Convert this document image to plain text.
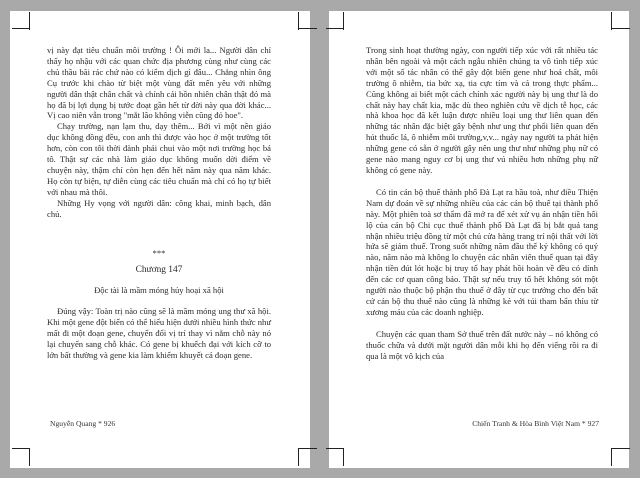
vị này đạt tiêu chuẩn môi trường ! Ôi mới la... Người dân chỉ thấy họ nhậu với các quan chức địa phương cùng như cùng các chủ thầu bãi rác chứ nào có kiểm dịch gì đâu... Chẳng nhìn ông Cụ trước khi chào từ biệt một vùng đất mến yêu với những người dân thật chân chất và chính cái hồn nhiên chân thật đó mà họ đã bị lợi dụng bị tước đoạt gần hết từ đời này qua đời khác... Vị cao niên vẫn trong "mắt lão không viễn cũng đỏ hoe".

Chạy trường, nạn lạm thu, dạy thêm... Bởi vì một nền giáo dục không đồng đều, con anh thì được vào học ở một trường tốt hơn, còn con tôi thời đành phải chui vào một nơi trường học bá tô. Thật sự các nhà làm giáo dục không muốn dời điểm về chuyện này, thậm chí còn hẹn đến hết năm này qua năm khác. Họ còn tự biện, tự diễn cùng các tiêu chuẩn mà chỉ có họ tự biết với nhau mà thôi.

Những Hy vọng với người dân: công khai, minh bạch, dân chủ.

***

Chương 147

Độc tài là mầm móng hủy hoại xã hội

Đúng vậy: Toàn trị nào cũng sẽ là mầm móng ung thư xã hội. Khi một gene đột biến có thể hiểu hiện dưới nhiều hình thức như mất đi một đoạn gene, chuyển đổi vị trí thay vì nằm chỗ này nó lại chuyển sang chỗ khác. Có gene bị khuếch đại với kích cỡ to lớn bất thường và gene kia làm khiếm khuyết cả đoạn gene.

Nguyễn Quang * 926

Trong sinh hoạt thường ngày, con người tiếp xúc với rất nhiều tác nhân bên ngoài và một cách ngẫu nhiên chúng ta vô tình tiếp xúc với một số tác nhân có thể gây đột biến gene như hoá chất, môi trường ô nhiễm, tia bức xạ, tia cực tím và cả trong thực phẩm... Cũng không ai biết một cách chính xác người này bị ung thư là do chất này hay chất kia, mặc dù theo nghiên cứu về dịch tễ học, các nhà khoa học đã kết luận được nhiều loại ung thư liên quan đến những tác nhân đặc biệt gây bệnh như ung thư phổi liên quan đến hút thuốc lá, ô nhiễm môi trường,v,v... ngày nay người ta phát hiện những gene có sẵn ở người gây nên ung thư như những phụ nữ có gene nào mang nguy cơ bị ung thư vú nhiều hơn những phụ nữ không có gene này.

Có tin cán bộ thuế thành phố Đà Lạt ra hầu toà, như điều Thiện Nam dự đoán về sự những nhiều của các cán bộ thuế tại thành phố này. Một phiên toà sơ thẩm đã mở ra để xét xử vụ án nhận tiền hối lộ của cán bộ Chi cục thuế thành phố Đà Lạt đã bị bắt quả tang nhận nhiều triệu đồng từ một chủ cửa hàng trang trí nội thất với lời hứa sẽ giảm thuế. Trong suốt những năm đầu thế kỷ không có quý nào, năm nào mà không lo chuyện các nhân viên thuế quan tại đây nhận tiền đút lót hoặc bị truy tố hay phát hồi hoàn về đều có dính đến các cơ quan công bảo. Thật sự nếu truy tố hết không sót một người nào thuộc bộ phận thu thuế ở đây từ cục trưởng cho đến bất cứ cán bộ thu thuế nào cũng là những kẻ với túi tham bẩn thỉu từ xương máu của các doanh nghiệp.

Chuyện các quan tham Sở thuế trên đất nước này – nó không có thuốc chữa và dưới mặt người dân mỗi khi họ đến viếng rồi ra đi qua là một vô kịch của

Chiến Tranh & Hòa Bình Việt Nam * 927
